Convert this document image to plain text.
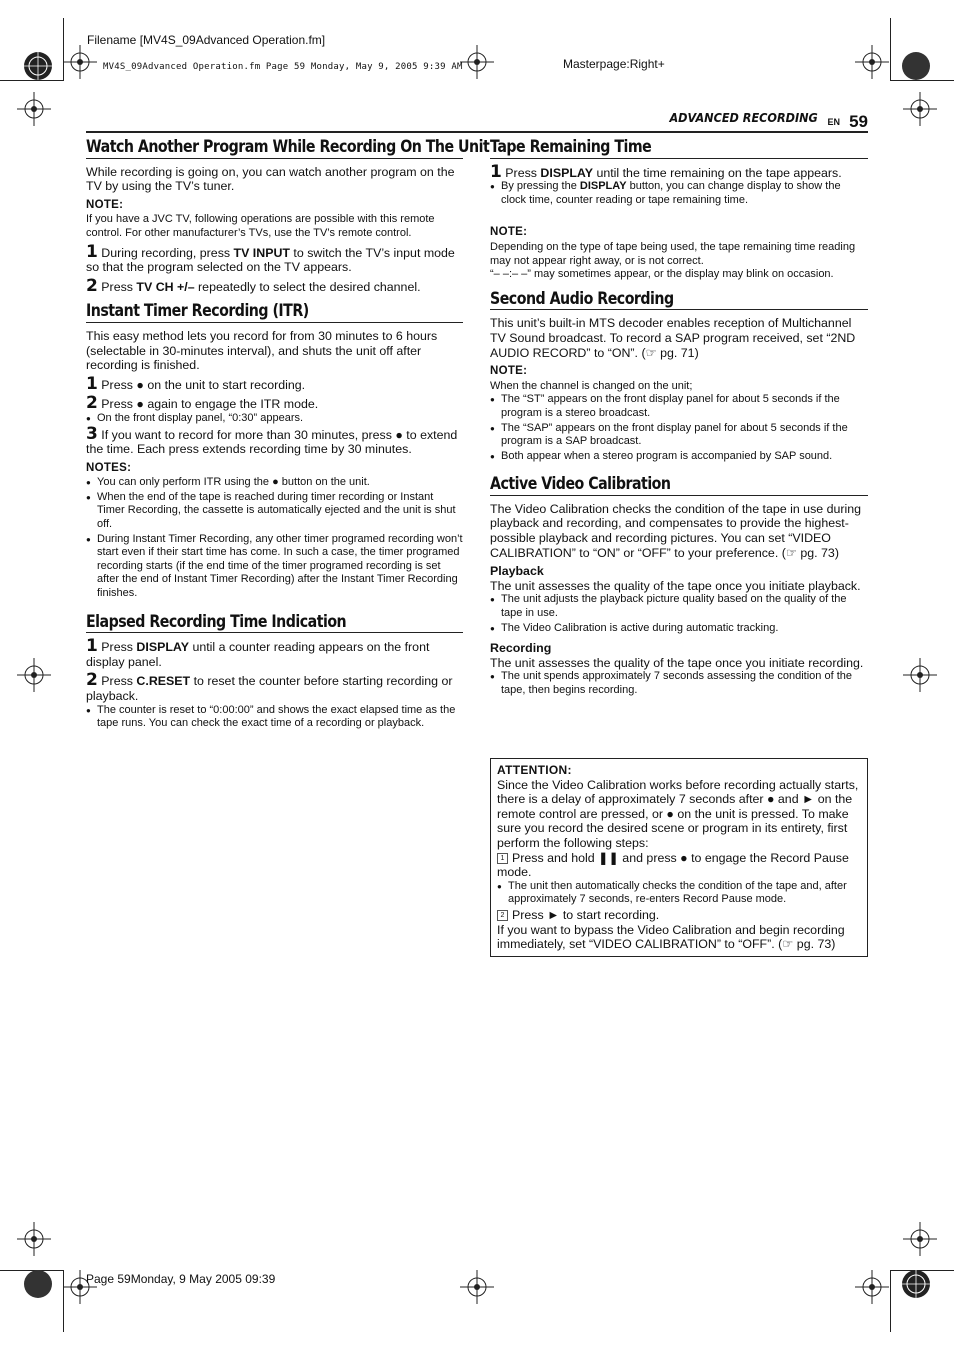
Filename [MV4S_09Advanced Operation.fm]
MV4S_09Advanced Operation.fm Page 59 Monday, May 9, 2005 9:39 AM	Masterpage:Right+
Page 59Monday, 9 May 2005 09:39
ADVANCED RECORDING EN 59
Watch Another Program While Recording On The Unit

While recording is going on, you can watch another program on the TV by using the TV’s tuner.

NOTE:

If you have a JVC TV, following operations are possible with this remote control. For other manufacturer’s TVs, use the TV’s remote control.

1 During recording, press TV INPUT to switch the TV’s input mode so that the program selected on the TV appears.

2 Press TV CH +/– repeatedly to select the desired channel.

Instant Timer Recording (ITR)

This easy method lets you record for from 30 minutes to 6 hours (selectable in 30-minutes interval), and shuts the unit off after recording is finished.

1 Press ● on the unit to start recording.

2 Press ● again to engage the ITR mode.

● On the front display panel, “0:30” appears.

3 If you want to record for more than 30 minutes, press ● to extend the time. Each press extends recording time by 30 minutes.

NOTES:
● You can only perform ITR using the ● button on the unit.
● When the end of the tape is reached during timer recording or Instant Timer Recording, the cassette is automatically ejected and the unit is shut off.
● During Instant Timer Recording, any other timer programed recording won’t start even if their start time has come. In such a case, the timer programed recording starts (if the end time of the timer programed recording is set after the end of Instant Timer Recording) after the Instant Timer Recording finishes.
Elapsed Recording Time Indication

1 Press DISPLAY until a counter reading appears on the front display panel.

2 Press C.RESET to reset the counter before starting recording or playback.

● The counter is reset to “0:00:00” and shows the exact elapsed time as the tape runs. You can check the exact time of a recording or playback.
Tape Remaining Time

1 Press DISPLAY until the time remaining on the tape appears.

● By pressing the DISPLAY button, you can change display to show the clock time, counter reading or tape remaining time.
NOTE:

Depending on the type of tape being used, the tape remaining time reading may not appear right away, or is not correct.

“– –:– –” may sometimes appear, or the display may blink on occasion.

Second Audio Recording

This unit’s built-in MTS decoder enables reception of Multichannel TV Sound broadcast. To record a SAP program received, set “2ND AUDIO RECORD” to “ON”. (☞ pg. 71)

NOTE:

When the channel is changed on the unit;

● The “ST” appears on the front display panel for about 5 seconds if the program is a stereo broadcast.
● The “SAP” appears on the front display panel for about 5 seconds if the program is a SAP broadcast.
● Both appear when a stereo program is accompanied by SAP sound.
Active Video Calibration

The Video Calibration checks the condition of the tape in use during playback and recording, and compensates to provide the highest-possible playback and recording pictures. You can set “VIDEO CALIBRATION” to “ON” or “OFF” to your preference. (☞ pg. 73)

Playback

The unit assesses the quality of the tape once you initiate playback.

● The unit adjusts the playback picture quality based on the quality of the tape in use.
● The Video Calibration is active during automatic tracking.
Recording

The unit assesses the quality of the tape once you initiate recording.

● The unit spends approximately 7 seconds assessing the condition of the tape, then begins recording.
ATTENTION:
Since the Video Calibration works before recording actually starts, there is a delay of approximately 7 seconds after ● and ► on the remote control are pressed, or ● on the unit is pressed. To make sure you record the desired scene or program in its entirety, first perform the following steps:
1 Press and hold ❚❚ and press ● to engage the Record Pause mode.
● The unit then automatically checks the condition of the tape and, after approximately 7 seconds, re-enters Record Pause mode.
2 Press ► to start recording.
If you want to bypass the Video Calibration and begin recording immediately, set “VIDEO CALIBRATION” to “OFF”. (☞ pg. 73)
